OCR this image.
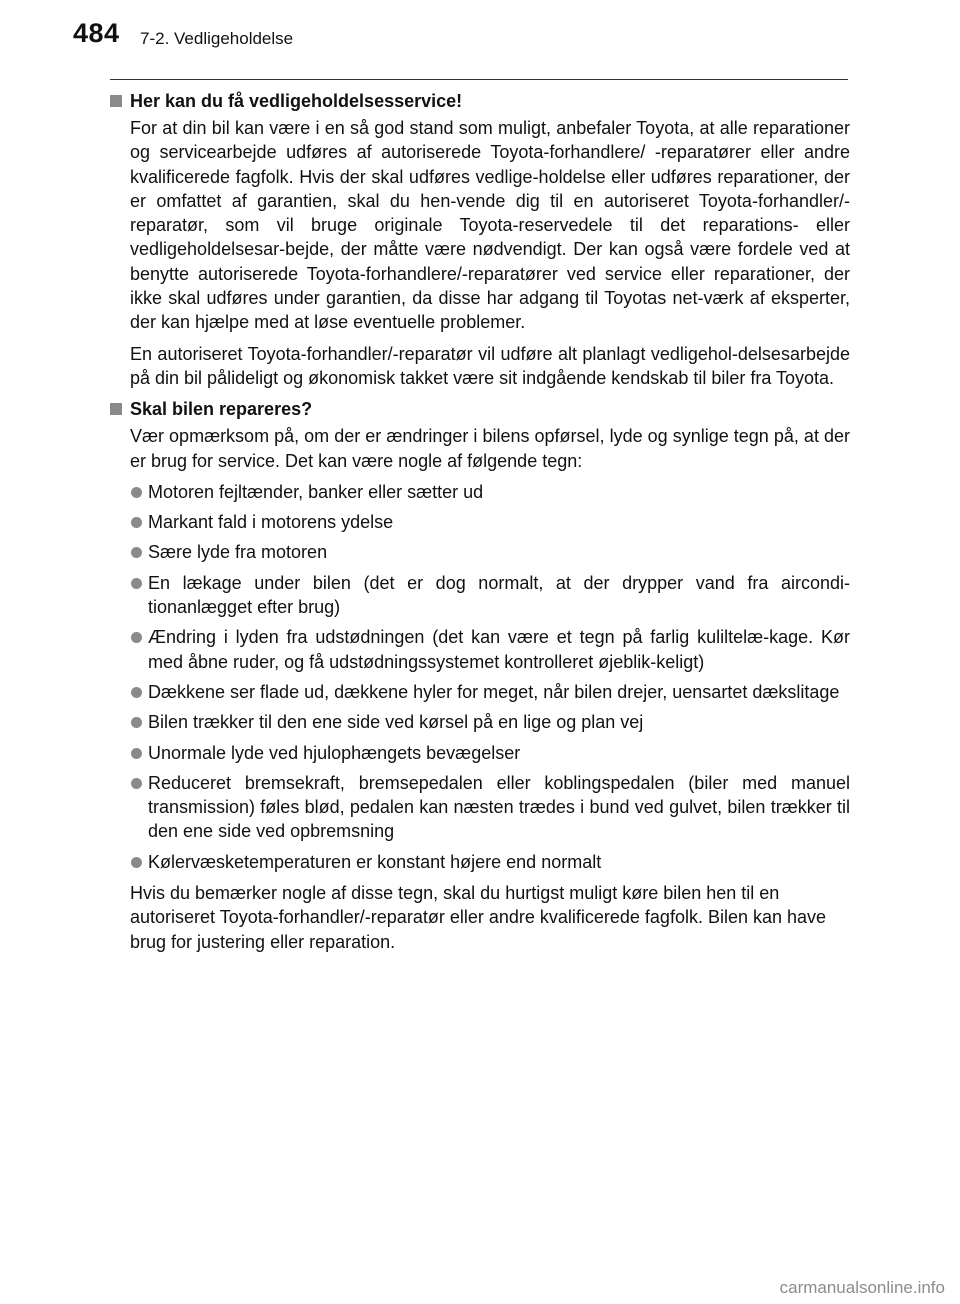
484 7-2. Vedligeholdelse
Her kan du få vedligeholdelsesservice!

For at din bil kan være i en så god stand som muligt, anbefaler Toyota, at alle reparationer og servicearbejde udføres af autoriserede Toyota-forhandlere/ -reparatører eller andre kvalificerede fagfolk. Hvis der skal udføres vedlige-holdelse eller udføres reparationer, der er omfattet af garantien, skal du hen-vende dig til en autoriseret Toyota-forhandler/-reparatør, som vil bruge originale Toyota-reservedele til det reparations- eller vedligeholdelsesar-bejde, der måtte være nødvendigt. Der kan også være fordele ved at benytte autoriserede Toyota-forhandlere/-reparatører ved service eller reparationer, der ikke skal udføres under garantien, da disse har adgang til Toyotas net-værk af eksperter, der kan hjælpe med at løse eventuelle problemer.

En autoriseret Toyota-forhandler/-reparatør vil udføre alt planlagt vedligehol-delsesarbejde på din bil pålideligt og økonomisk takket være sit indgående kendskab til biler fra Toyota.

Skal bilen repareres?

Vær opmærksom på, om der er ændringer i bilens opførsel, lyde og synlige tegn på, at der er brug for service. Det kan være nogle af følgende tegn:

Motoren fejltænder, banker eller sætter ud
Markant fald i motorens ydelse
Sære lyde fra motoren
En lækage under bilen (det er dog normalt, at der drypper vand fra aircondi-tionanlægget efter brug)
Ændring i lyden fra udstødningen (det kan være et tegn på farlig kuliltelæ-kage. Kør med åbne ruder, og få udstødningssystemet kontrolleret øjeblik-keligt)
Dækkene ser flade ud, dækkene hyler for meget, når bilen drejer, uensartet dækslitage
Bilen trækker til den ene side ved kørsel på en lige og plan vej
Unormale lyde ved hjulophængets bevægelser
Reduceret bremsekraft, bremsepedalen eller koblingspedalen (biler med manuel transmission) føles blød, pedalen kan næsten trædes i bund ved gulvet, bilen trækker til den ene side ved opbremsning
Kølervæsketemperaturen er konstant højere end normalt

Hvis du bemærker nogle af disse tegn, skal du hurtigst muligt køre bilen hen til en autoriseret Toyota-forhandler/-reparatør eller andre kvalificerede fagfolk. Bilen kan have brug for justering eller reparation.

carmanualsonline.info
